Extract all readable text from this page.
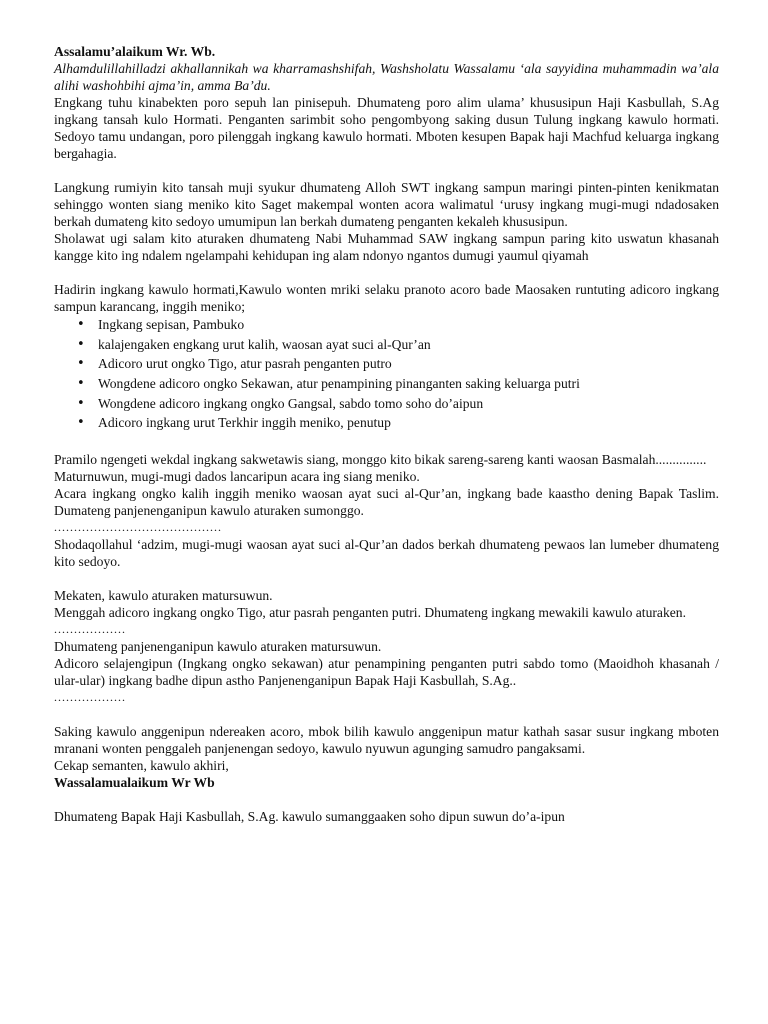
Assalamu’alaikum Wr. Wb.

Alhamdulillahilladzi akhallannikah wa kharramashshifah, Washsholatu Wassalamu ‘ala sayyidina muhammadin wa’ala alihi washohbihi ajma’in, amma Ba’du.

Engkang tuhu kinabekten poro sepuh lan pinisepuh. Dhumateng poro alim ulama’ khususipun Haji Kasbullah, S.Ag ingkang tansah kulo Hormati. Penganten sarimbit soho pengombyong saking dusun Tulung ingkang kawulo hormati. Sedoyo tamu undangan, poro pilenggah ingkang kawulo hormati. Mboten kesupen Bapak haji Machfud keluarga ingkang bergahagia.

Langkung rumiyin kito tansah muji syukur dhumateng Alloh SWT ingkang sampun maringi pinten-pinten kenikmatan sehinggo wonten siang meniko kito Saget makempal wonten acora walimatul ‘urusy ingkang mugi-mugi ndadosaken berkah dumateng kito sedoyo umumipun lan berkah dumateng penganten kekaleh khususipun.

Sholawat ugi salam kito aturaken dhumateng Nabi Muhammad SAW ingkang sampun paring kito uswatun khasanah kangge kito ing ndalem ngelampahi kehidupan ing alam ndonyo ngantos dumugi yaumul qiyamah

Hadirin ingkang kawulo hormati,Kawulo wonten mriki selaku pranoto acoro bade Maosaken runtuting adicoro ingkang sampun karancang, inggih meniko;

• Ingkang sepisan, Pambuko
• kalajengaken engkang urut kalih, waosan ayat suci al-Qur’an
• Adicoro urut ongko Tigo, atur pasrah penganten putro
• Wongdene adicoro ongko Sekawan, atur penampining pinanganten saking keluarga putri
• Wongdene adicoro ingkang ongko Gangsal, sabdo tomo soho do’aipun
• Adicoro ingkang urut Terkhir inggih meniko, penutup

Pramilo ngengeti wekdal ingkang sakwetawis siang, monggo kito bikak sareng-sareng kanti waosan Basmalah...............

Maturnuwun, mugi-mugi dados lancaripun acara ing siang meniko.

Acara ingkang ongko kalih inggih meniko waosan ayat suci al-Qur’an, ingkang bade kaastho dening Bapak Taslim. Dumateng panjenenganipun kawulo aturaken sumonggo.

..........................................

Shodaqollahul ‘adzim, mugi-mugi waosan ayat suci al-Qur’an dados berkah dhumateng pewaos lan lumeber dhumateng kito sedoyo.

Mekaten, kawulo aturaken matursuwun.

Menggah adicoro ingkang ongko Tigo, atur pasrah penganten putri. Dhumateng ingkang mewakili kawulo aturaken.

..................

Dhumateng panjenenganipun kawulo aturaken matursuwun.

Adicoro selajengipun (Ingkang ongko sekawan) atur penampining penganten putri sabdo tomo (Maoidhoh khasanah / ular-ular) ingkang badhe dipun astho Panjenenganipun Bapak Haji Kasbullah, S.Ag..

..................

Saking kawulo anggenipun ndereaken acoro, mbok bilih kawulo anggenipun matur kathah sasar susur ingkang mboten mranani wonten penggaleh panjenengan sedoyo, kawulo nyuwun agunging samudro pangaksami.

Cekap semanten, kawulo akhiri,

Wassalamualaikum Wr Wb

Dhumateng Bapak Haji Kasbullah, S.Ag. kawulo sumanggaaken soho dipun suwun do’a-ipun
